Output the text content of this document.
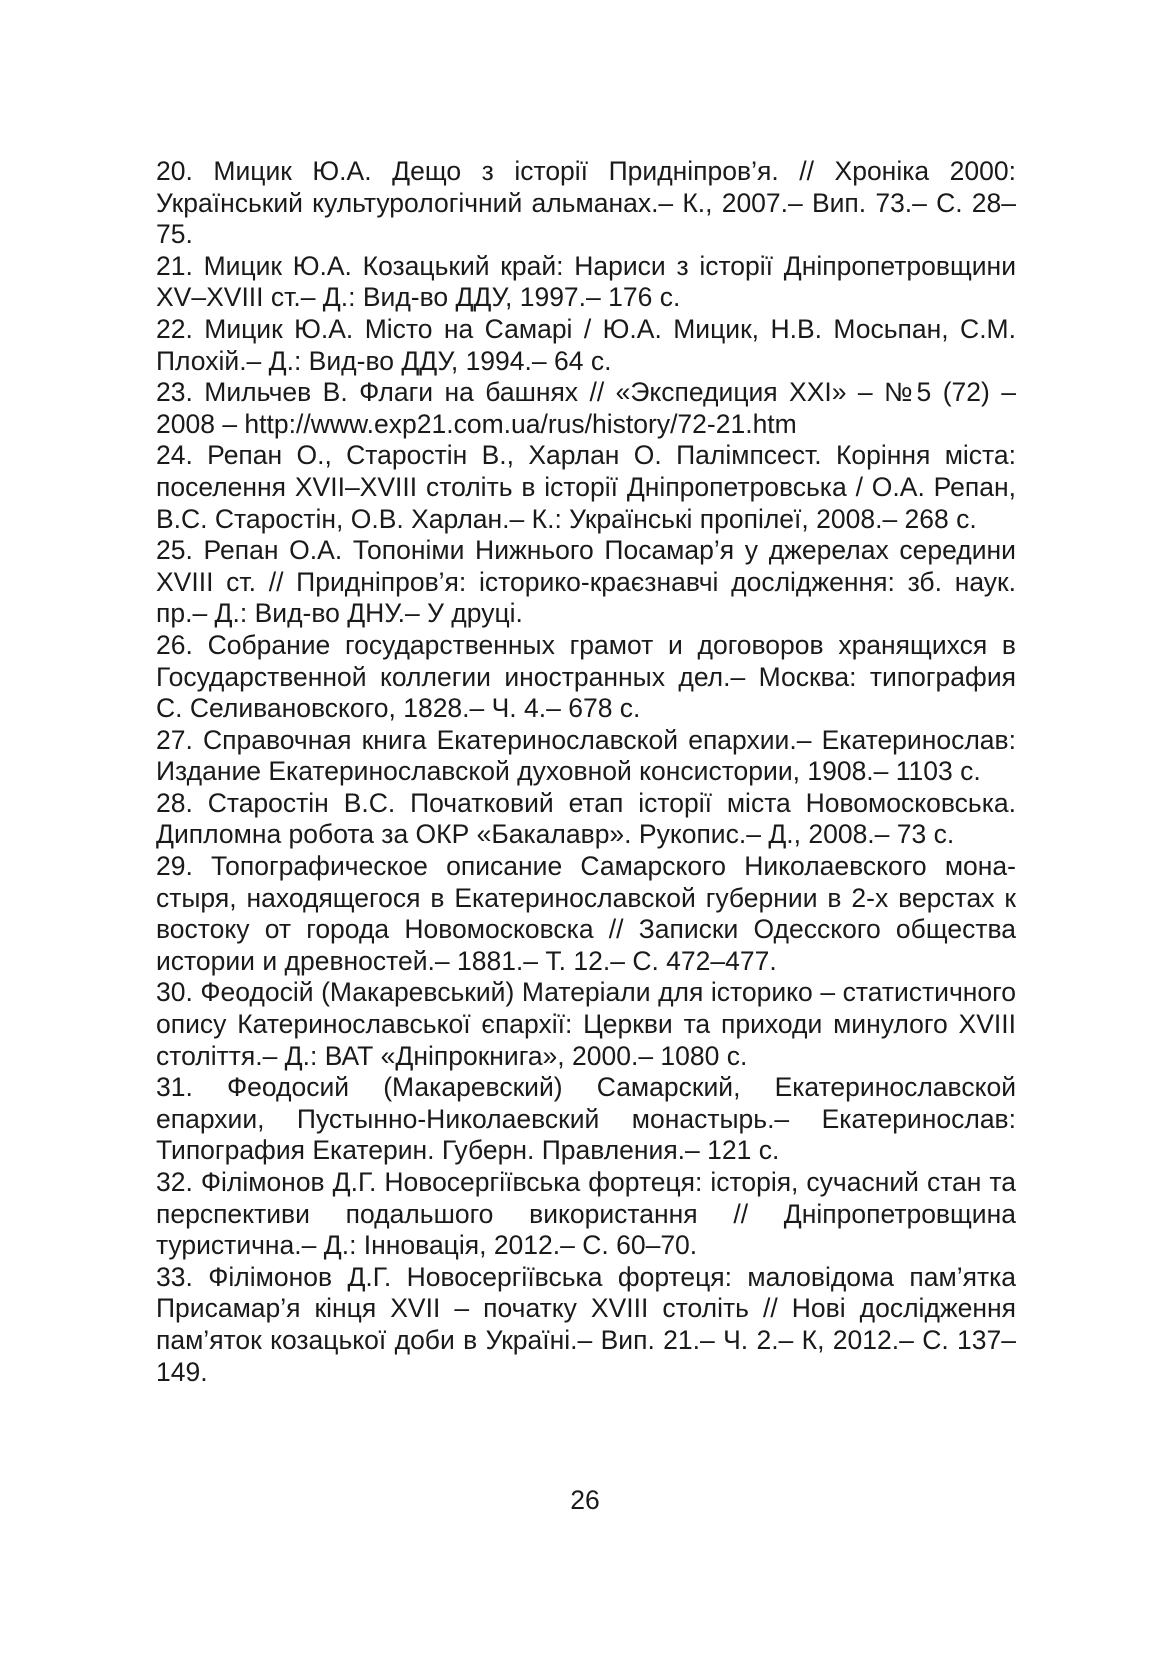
20. Мицик Ю.А. Дещо з історії Придніпров’я. // Хроніка 2000: Український культурологічний альманах.– К., 2007.– Вип. 73.– С. 28–75.
21. Мицик Ю.А. Козацький край: Нариси з історії Дніпропетровщини XV–XVIII ст.– Д.: Вид-во ДДУ, 1997.– 176 с.
22. Мицик Ю.А. Місто на Самарі / Ю.А. Мицик, Н.В. Мосьпан, С.М. Плохій.– Д.: Вид-во ДДУ, 1994.– 64 с.
23. Мильчев В. Флаги на башнях // «Экспедиция XXI» – №5 (72) – 2008 – http://www.exp21.com.ua/rus/history/72-21.htm
24. Репан О., Старостін В., Харлан О. Палімпсест. Коріння міста: поселення XVII–XVIII століть в історії Дніпропетровська / О.А. Репан, В.С. Старостін, О.В. Харлан.– К.: Українські пропілеї, 2008.– 268 с.
25. Репан О.А. Топоніми Нижнього Посамар’я у джерелах середини XVIII ст. // Придніпров’я: історико-краєзнавчі дослідження: зб. наук. пр.– Д.: Вид-во ДНУ.– У друці.
26. Собрание государственных грамот и договоров хранящихся в Государственной коллегии иностранных дел.– Москва: типография С. Селивановского, 1828.– Ч. 4.– 678 с.
27. Справочная книга Екатеринославской епархии.– Екатеринослав: Издание Екатеринославской духовной консистории, 1908.– 1103 с.
28. Старостін В.С. Початковий етап історії міста Новомосковська. Дипломна робота за ОКР «Бакалавр». Рукопис.– Д., 2008.– 73 с.
29. Топографическое описание Самарского Николаевского монастыря, находящегося в Екатеринославской губернии в 2-х верстах к востоку от города Новомосковска // Записки Одесского общества истории и древностей.– 1881.– Т. 12.– С. 472–477.
30. Феодосій (Макаревський) Матеріали для історико – статистичного опису Катеринославської єпархії: Церкви та приходи минулого XVIII століття.– Д.: ВАТ «Дніпрокнига», 2000.– 1080 с.
31. Феодосий (Макаревский) Самарский, Екатеринославской епархии, Пустынно-Николаевский монастырь.– Екатеринослав: Типография Екатерин. Губерн. Правления.– 121 с.
32. Філімонов Д.Г. Новосергіївська фортеця: історія, сучасний стан та перспективи подальшого використання // Дніпропетровщина туристична.– Д.: Інновація, 2012.– С. 60–70.
33. Філімонов Д.Г. Новосергіївська фортеця: маловідома пам’ятка Присамар’я кінця XVII – початку XVIII століть // Нові дослідження пам’яток козацької доби в Україні.– Вип. 21.– Ч. 2.– К, 2012.– С. 137–149.
26
